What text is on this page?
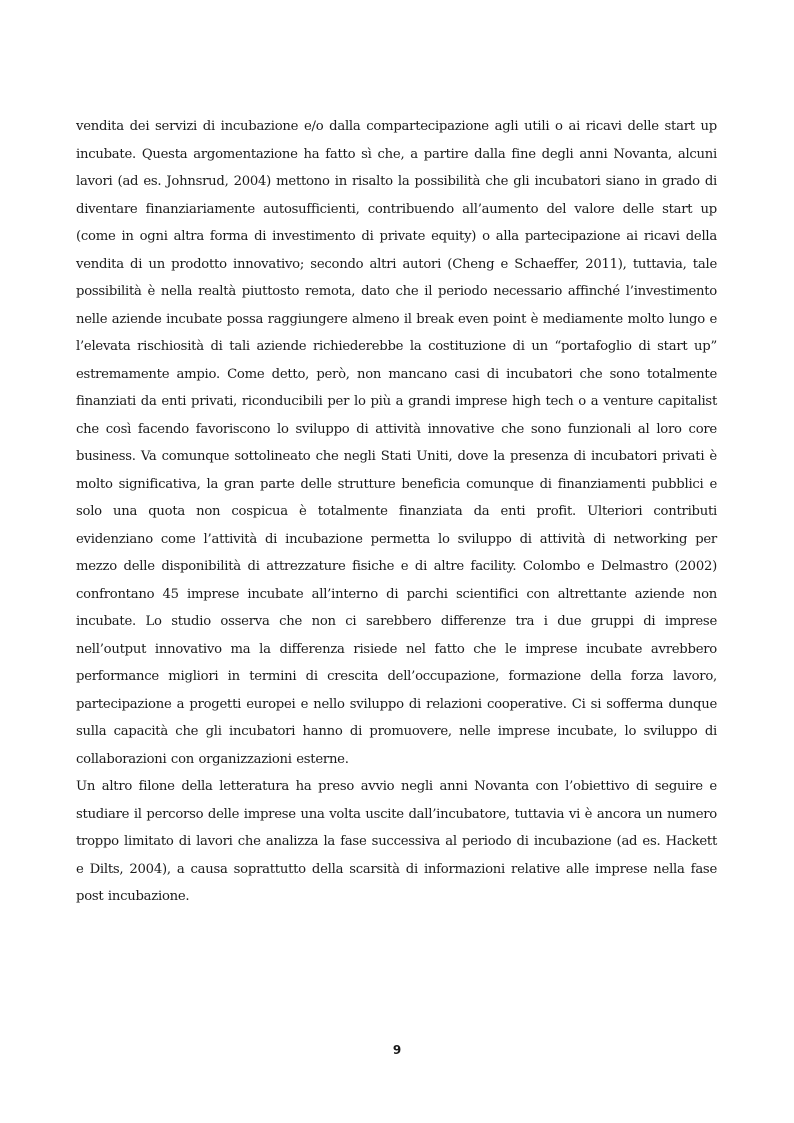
vendita dei servizi di incubazione e/o dalla compartecipazione agli utili o ai ricavi delle start up incubate. Questa argomentazione ha fatto sì che, a partire dalla fine degli anni Novanta, alcuni lavori (ad es. Johnsrud, 2004) mettono in risalto la possibilità che gli incubatori siano in grado di diventare finanziariamente autosufficienti, contribuendo all’aumento del valore delle start up (come in ogni altra forma di investimento di private equity) o alla partecipazione ai ricavi della vendita di un prodotto innovativo; secondo altri autori (Cheng e Schaeffer, 2011), tuttavia, tale possibilità è nella realtà piuttosto remota, dato che il periodo necessario affinché l’investimento nelle aziende incubate possa raggiungere almeno il break even point è mediamente molto lungo e l’elevata rischiosità di tali aziende richiederebbe la costituzione di un “portafoglio di start up” estremamente ampio. Come detto, però, non mancano casi di incubatori che sono totalmente finanziati da enti privati, riconducibili per lo più a grandi imprese high tech o a venture capitalist che così facendo favoriscono lo sviluppo di attività innovative che sono funzionali al loro core business. Va comunque sottolineato che negli Stati Uniti, dove la presenza di incubatori privati è molto significativa, la gran parte delle strutture beneficia comunque di finanziamenti pubblici e solo una quota non cospicua è totalmente finanziata da enti profit. Ulteriori contributi evidenziano come l’attività di incubazione permetta lo sviluppo di attività di networking per mezzo delle disponibilità di attrezzature fisiche e di altre facility. Colombo e Delmastro (2002) confrontano 45 imprese incubate all’interno di parchi scientifici con altrettante aziende non incubate. Lo studio osserva che non ci sarebbero differenze tra i due gruppi di imprese nell’output innovativo ma la differenza risiede nel fatto che le imprese incubate avrebbero performance migliori in termini di crescita dell’occupazione, formazione della forza lavoro, partecipazione a progetti europei e nello sviluppo di relazioni cooperative. Ci si sofferma dunque sulla capacità che gli incubatori hanno di promuovere, nelle imprese incubate, lo sviluppo di collaborazioni con organizzazioni esterne.

Un altro filone della letteratura ha preso avvio negli anni Novanta con l’obiettivo di seguire e studiare il percorso delle imprese una volta uscite dall’incubatore, tuttavia vi è ancora un numero troppo limitato di lavori che analizza la fase successiva al periodo di incubazione (ad es. Hackett e Dilts, 2004), a causa soprattutto della scarsità di informazioni relative alle imprese nella fase post incubazione.

9
